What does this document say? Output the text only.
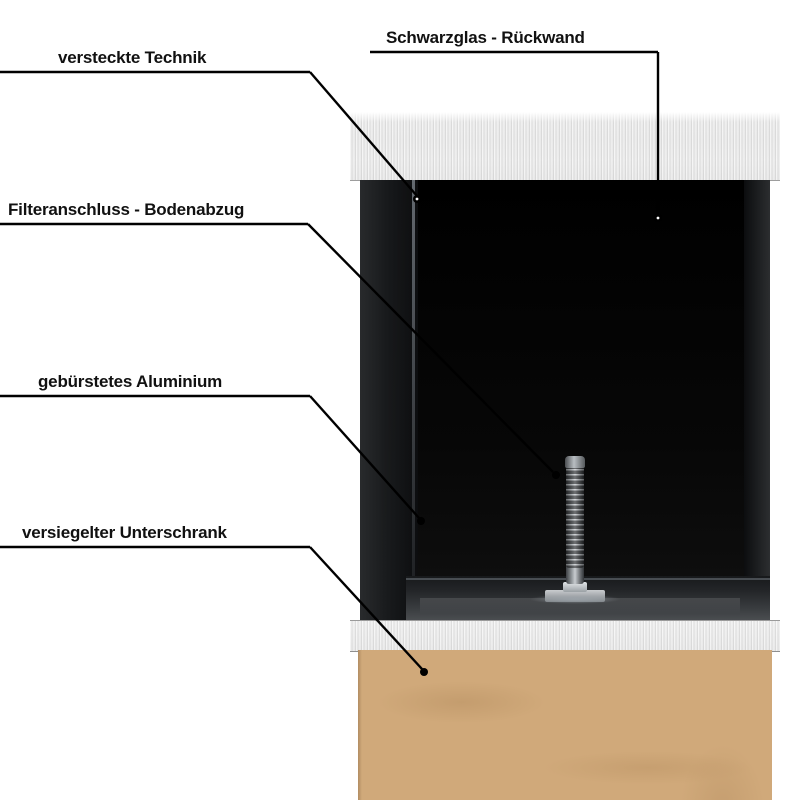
versteckte Technik
Schwarzglas - Rückwand
Filteranschluss - Bodenabzug
gebürstetes Aluminium
versiegelter Unterschrank
